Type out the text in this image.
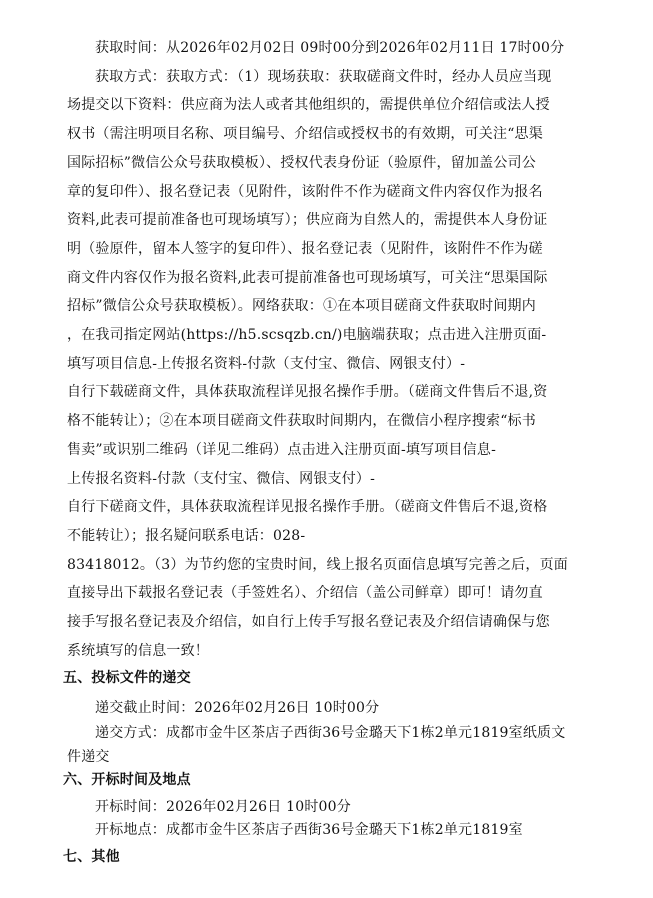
获取时间：从2026年02月02日 09时00分到2026年02月11日 17时00分
获取方式：获取方式：（1）现场获取：获取磋商文件时，经办人员应当现
场提交以下资料：供应商为法人或者其他组织的，需提供单位介绍信或法人授
权书（需注明项目名称、项目编号、介绍信或授权书的有效期，可关注“思渠
国际招标”微信公众号获取模板）、授权代表身份证（验原件，留加盖公司公
章的复印件）、报名登记表（见附件，该附件不作为磋商文件内容仅作为报名
资料,此表可提前准备也可现场填写）；供应商为自然人的，需提供本人身份证
明（验原件，留本人签字的复印件）、报名登记表（见附件，该附件不作为磋
商文件内容仅作为报名资料,此表可提前准备也可现场填写，可关注“思渠国际
招标”微信公众号获取模板）。网络获取：①在本项目磋商文件获取时间期内
，在我司指定网站(https://h5.scsqzb.cn/)电脑端获取；点击进入注册页面-
填写项目信息-上传报名资料-付款（支付宝、微信、网银支付）-
自行下载磋商文件，具体获取流程详见报名操作手册。（磋商文件售后不退,资
格不能转让）；②在本项目磋商文件获取时间期内，在微信小程序搜索“标书
售卖”或识别二维码（详见二维码）点击进入注册页面-填写项目信息-
上传报名资料-付款（支付宝、微信、网银支付）-
自行下磋商文件，具体获取流程详见报名操作手册。（磋商文件售后不退,资格
不能转让）；报名疑问联系电话：028-
83418012。（3）为节约您的宝贵时间，线上报名页面信息填写完善之后，页面
直接导出下载报名登记表（手签姓名）、介绍信（盖公司鲜章）即可！请勿直
接手写报名登记表及介绍信，如自行上传手写报名登记表及介绍信请确保与您
系统填写的信息一致！
五、投标文件的递交
递交截止时间：2026年02月26日 10时00分
递交方式：成都市金牛区茶店子西街36号金璐天下1栋2单元1819室纸质文
件递交
六、开标时间及地点
开标时间：2026年02月26日 10时00分
开标地点：成都市金牛区茶店子西街36号金璐天下1栋2单元1819室
七、其他
